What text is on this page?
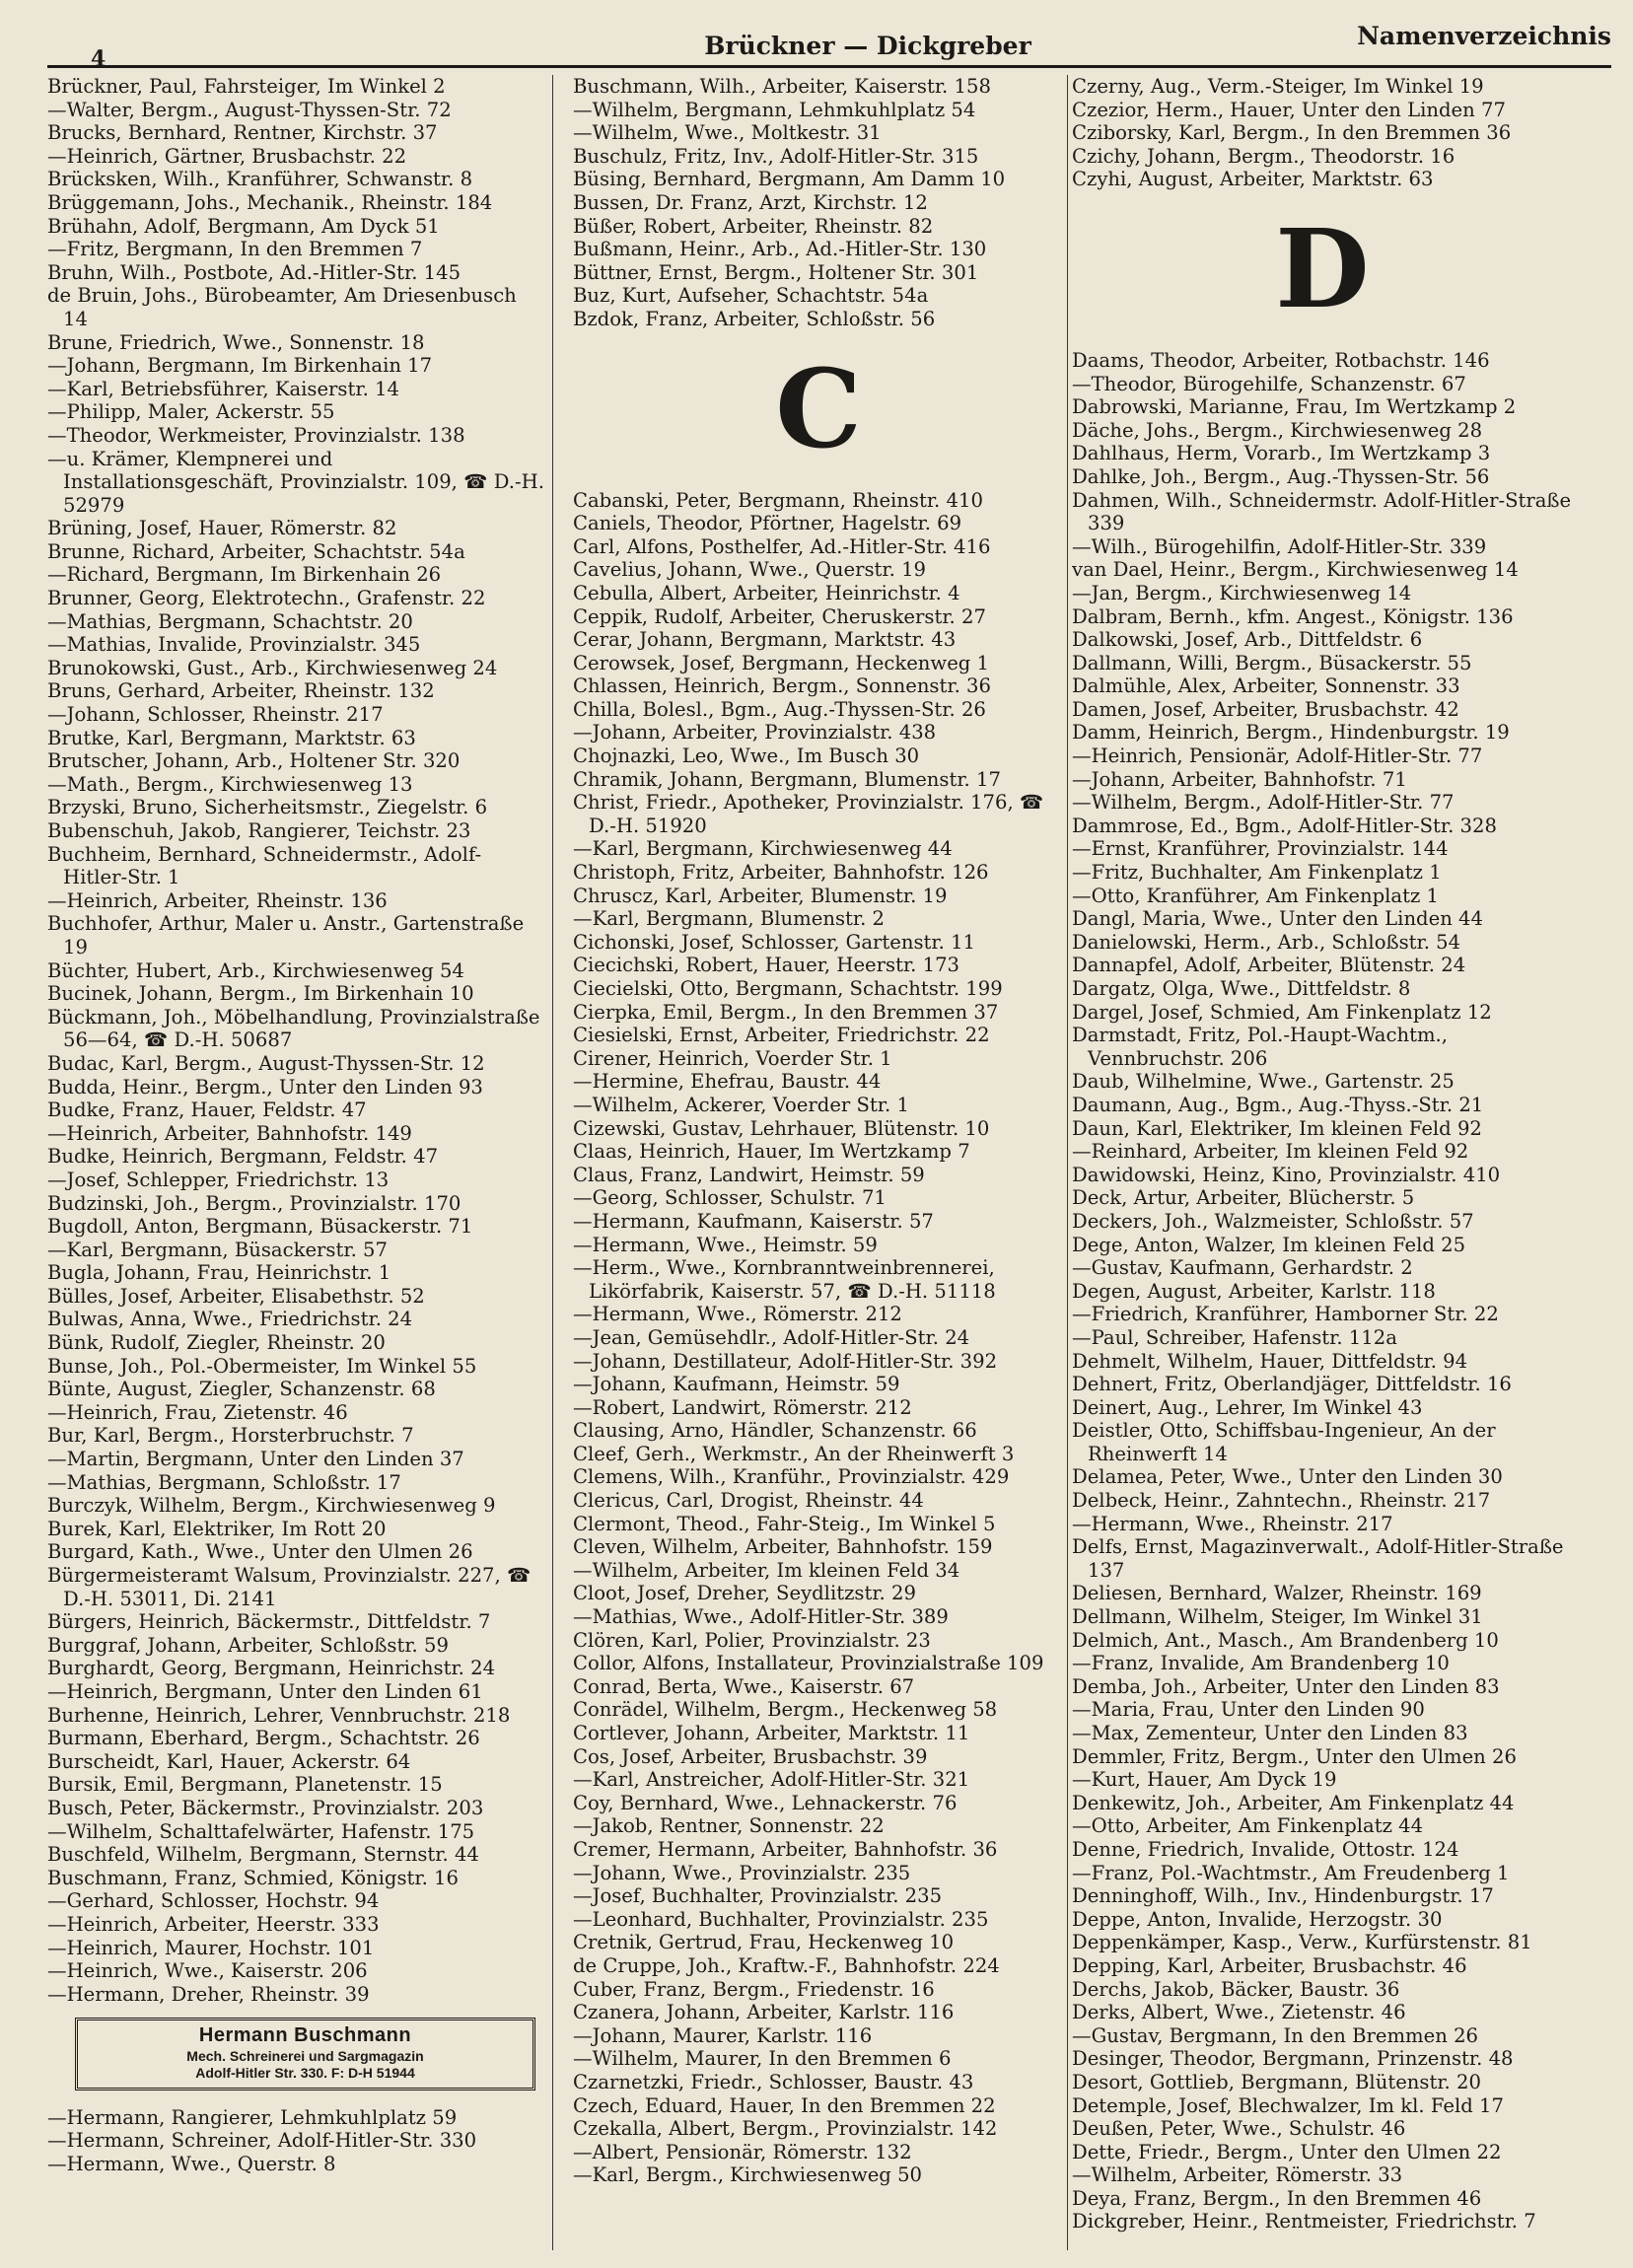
4	Brückner — Dickgreber	Namenverzeichnis

Brückner, Paul, Fahrsteiger, Im Winkel 2

—Walter, Bergm., August-Thyssen-Str. 72

Brucks, Bernhard, Rentner, Kirchstr. 37

—Heinrich, Gärtner, Brusbachstr. 22

Brücksken, Wilh., Kranführer, Schwanstr. 8

Brüggemann, Johs., Mechanik., Rheinstr. 184

Brühahn, Adolf, Bergmann, Am Dyck 51

—Fritz, Bergmann, In den Bremmen 7

Bruhn, Wilh., Postbote, Ad.-Hitler-Str. 145

de Bruin, Johs., Bürobeamter, Am Driesenbusch 14

Brune, Friedrich, Wwe., Sonnenstr. 18

—Johann, Bergmann, Im Birkenhain 17

—Karl, Betriebsführer, Kaiserstr. 14

—Philipp, Maler, Ackerstr. 55

—Theodor, Werkmeister, Provinzialstr. 138

—u. Krämer, Klempnerei und Installationsgeschäft, Provinzialstr. 109, ☎ D.-H. 52979

Brüning, Josef, Hauer, Römerstr. 82

Brunne, Richard, Arbeiter, Schachtstr. 54a

—Richard, Bergmann, Im Birkenhain 26

Brunner, Georg, Elektrotechn., Grafenstr. 22

—Mathias, Bergmann, Schachtstr. 20

—Mathias, Invalide, Provinzialstr. 345

Brunokowski, Gust., Arb., Kirchwiesenweg 24

Bruns, Gerhard, Arbeiter, Rheinstr. 132

—Johann, Schlosser, Rheinstr. 217

Brutke, Karl, Bergmann, Marktstr. 63

Brutscher, Johann, Arb., Holtener Str. 320

—Math., Bergm., Kirchwiesenweg 13

Brzyski, Bruno, Sicherheitsmstr., Ziegelstr. 6

Bubenschuh, Jakob, Rangierer, Teichstr. 23

Buchheim, Bernhard, Schneidermstr., Adolf-Hitler-Str. 1

—Heinrich, Arbeiter, Rheinstr. 136

Buchhofer, Arthur, Maler u. Anstr., Gartenstraße 19

Büchter, Hubert, Arb., Kirchwiesenweg 54

Bucinek, Johann, Bergm., Im Birkenhain 10

Bückmann, Joh., Möbelhandlung, Provinzialstraße 56—64, ☎ D.-H. 50687

Budac, Karl, Bergm., August-Thyssen-Str. 12

Budda, Heinr., Bergm., Unter den Linden 93

Budke, Franz, Hauer, Feldstr. 47

—Heinrich, Arbeiter, Bahnhofstr. 149

Budke, Heinrich, Bergmann, Feldstr. 47

—Josef, Schlepper, Friedrichstr. 13

Budzinski, Joh., Bergm., Provinzialstr. 170

Bugdoll, Anton, Bergmann, Büsackerstr. 71

—Karl, Bergmann, Büsackerstr. 57

Bugla, Johann, Frau, Heinrichstr. 1

Bülles, Josef, Arbeiter, Elisabethstr. 52

Bulwas, Anna, Wwe., Friedrichstr. 24

Bünk, Rudolf, Ziegler, Rheinstr. 20

Bunse, Joh., Pol.-Obermeister, Im Winkel 55

Bünte, August, Ziegler, Schanzenstr. 68

—Heinrich, Frau, Zietenstr. 46

Bur, Karl, Bergm., Horsterbruchstr. 7

—Martin, Bergmann, Unter den Linden 37

—Mathias, Bergmann, Schloßstr. 17

Burczyk, Wilhelm, Bergm., Kirchwiesenweg 9

Burek, Karl, Elektriker, Im Rott 20

Burgard, Kath., Wwe., Unter den Ulmen 26

Bürgermeisteramt Walsum, Provinzialstr. 227, ☎ D.-H. 53011, Di. 2141

Bürgers, Heinrich, Bäckermstr., Dittfeldstr. 7

Burggraf, Johann, Arbeiter, Schloßstr. 59

Burghardt, Georg, Bergmann, Heinrichstr. 24

—Heinrich, Bergmann, Unter den Linden 61

Burhenne, Heinrich, Lehrer, Vennbruchstr. 218

Burmann, Eberhard, Bergm., Schachtstr. 26

Burscheidt, Karl, Hauer, Ackerstr. 64

Bursik, Emil, Bergmann, Planetenstr. 15

Busch, Peter, Bäckermstr., Provinzialstr. 203

—Wilhelm, Schalttafelwärter, Hafenstr. 175

Buschfeld, Wilhelm, Bergmann, Sternstr. 44

Buschmann, Franz, Schmied, Königstr. 16

—Gerhard, Schlosser, Hochstr. 94

—Heinrich, Arbeiter, Heerstr. 333

—Heinrich, Maurer, Hochstr. 101

—Heinrich, Wwe., Kaiserstr. 206

—Hermann, Dreher, Rheinstr. 39

Hermann Buschmann
Mech. Schreinerei und Sargmagazin
Adolf-Hitler Str. 330. F: D-H 51944

—Hermann, Rangierer, Lehmkuhlplatz 59

—Hermann, Schreiner, Adolf-Hitler-Str. 330

—Hermann, Wwe., Querstr. 8

Buschmann, Wilh., Arbeiter, Kaiserstr. 158

—Wilhelm, Bergmann, Lehmkuhlplatz 54

—Wilhelm, Wwe., Moltkestr. 31

Buschulz, Fritz, Inv., Adolf-Hitler-Str. 315

Büsing, Bernhard, Bergmann, Am Damm 10

Bussen, Dr. Franz, Arzt, Kirchstr. 12

Büßer, Robert, Arbeiter, Rheinstr. 82

Bußmann, Heinr., Arb., Ad.-Hitler-Str. 130

Büttner, Ernst, Bergm., Holtener Str. 301

Buz, Kurt, Aufseher, Schachtstr. 54a

Bzdok, Franz, Arbeiter, Schloßstr. 56

C

Cabanski, Peter, Bergmann, Rheinstr. 410

Caniels, Theodor, Pförtner, Hagelstr. 69

Carl, Alfons, Posthelfer, Ad.-Hitler-Str. 416

Cavelius, Johann, Wwe., Querstr. 19

Cebulla, Albert, Arbeiter, Heinrichstr. 4

Ceppik, Rudolf, Arbeiter, Cheruskerstr. 27

Cerar, Johann, Bergmann, Marktstr. 43

Cerowsek, Josef, Bergmann, Heckenweg 1

Chlassen, Heinrich, Bergm., Sonnenstr. 36

Chilla, Bolesl., Bgm., Aug.-Thyssen-Str. 26

—Johann, Arbeiter, Provinzialstr. 438

Chojnazki, Leo, Wwe., Im Busch 30

Chramik, Johann, Bergmann, Blumenstr. 17

Christ, Friedr., Apotheker, Provinzialstr. 176, ☎ D.-H. 51920

—Karl, Bergmann, Kirchwiesenweg 44

Christoph, Fritz, Arbeiter, Bahnhofstr. 126

Chruscz, Karl, Arbeiter, Blumenstr. 19

—Karl, Bergmann, Blumenstr. 2

Cichonski, Josef, Schlosser, Gartenstr. 11

Ciecichski, Robert, Hauer, Heerstr. 173

Ciecielski, Otto, Bergmann, Schachtstr. 199

Cierpka, Emil, Bergm., In den Bremmen 37

Ciesielski, Ernst, Arbeiter, Friedrichstr. 22

Cirener, Heinrich, Voerder Str. 1

—Hermine, Ehefrau, Baustr. 44

—Wilhelm, Ackerer, Voerder Str. 1

Cizewski, Gustav, Lehrhauer, Blütenstr. 10

Claas, Heinrich, Hauer, Im Wertzkamp 7

Claus, Franz, Landwirt, Heimstr. 59

—Georg, Schlosser, Schulstr. 71

—Hermann, Kaufmann, Kaiserstr. 57

—Hermann, Wwe., Heimstr. 59

—Herm., Wwe., Kornbranntweinbrennerei, Likörfabrik, Kaiserstr. 57, ☎ D.-H. 51118

—Hermann, Wwe., Römerstr. 212

—Jean, Gemüsehdlr., Adolf-Hitler-Str. 24

—Johann, Destillateur, Adolf-Hitler-Str. 392

—Johann, Kaufmann, Heimstr. 59

—Robert, Landwirt, Römerstr. 212

Clausing, Arno, Händler, Schanzenstr. 66

Cleef, Gerh., Werkmstr., An der Rheinwerft 3

Clemens, Wilh., Kranführ., Provinzialstr. 429

Clericus, Carl, Drogist, Rheinstr. 44

Clermont, Theod., Fahr-Steig., Im Winkel 5

Cleven, Wilhelm, Arbeiter, Bahnhofstr. 159

—Wilhelm, Arbeiter, Im kleinen Feld 34

Cloot, Josef, Dreher, Seydlitzstr. 29

—Mathias, Wwe., Adolf-Hitler-Str. 389

Clören, Karl, Polier, Provinzialstr. 23

Collor, Alfons, Installateur, Provinzialstraße 109

Conrad, Berta, Wwe., Kaiserstr. 67

Conrädel, Wilhelm, Bergm., Heckenweg 58

Cortlever, Johann, Arbeiter, Marktstr. 11

Cos, Josef, Arbeiter, Brusbachstr. 39

—Karl, Anstreicher, Adolf-Hitler-Str. 321

Coy, Bernhard, Wwe., Lehnackerstr. 76

—Jakob, Rentner, Sonnenstr. 22

Cremer, Hermann, Arbeiter, Bahnhofstr. 36

—Johann, Wwe., Provinzialstr. 235

—Josef, Buchhalter, Provinzialstr. 235

—Leonhard, Buchhalter, Provinzialstr. 235

Cretnik, Gertrud, Frau, Heckenweg 10

de Cruppe, Joh., Kraftw.-F., Bahnhofstr. 224

Cuber, Franz, Bergm., Friedenstr. 16

Czanera, Johann, Arbeiter, Karlstr. 116

—Johann, Maurer, Karlstr. 116

—Wilhelm, Maurer, In den Bremmen 6

Czarnetzki, Friedr., Schlosser, Baustr. 43

Czech, Eduard, Hauer, In den Bremmen 22

Czekalla, Albert, Bergm., Provinzialstr. 142

—Albert, Pensionär, Römerstr. 132

—Karl, Bergm., Kirchwiesenweg 50

Czerny, Aug., Verm.-Steiger, Im Winkel 19

Czezior, Herm., Hauer, Unter den Linden 77

Cziborsky, Karl, Bergm., In den Bremmen 36

Czichy, Johann, Bergm., Theodorstr. 16

Czyhi, August, Arbeiter, Marktstr. 63

D

Daams, Theodor, Arbeiter, Rotbachstr. 146

—Theodor, Bürogehilfe, Schanzenstr. 67

Dabrowski, Marianne, Frau, Im Wertzkamp 2

Däche, Johs., Bergm., Kirchwiesenweg 28

Dahlhaus, Herm, Vorarb., Im Wertzkamp 3

Dahlke, Joh., Bergm., Aug.-Thyssen-Str. 56

Dahmen, Wilh., Schneidermstr. Adolf-Hitler-Straße 339

—Wilh., Bürogehilfin, Adolf-Hitler-Str. 339

van Dael, Heinr., Bergm., Kirchwiesenweg 14

—Jan, Bergm., Kirchwiesenweg 14

Dalbram, Bernh., kfm. Angest., Königstr. 136

Dalkowski, Josef, Arb., Dittfeldstr. 6

Dallmann, Willi, Bergm., Büsackerstr. 55

Dalmühle, Alex, Arbeiter, Sonnenstr. 33

Damen, Josef, Arbeiter, Brusbachstr. 42

Damm, Heinrich, Bergm., Hindenburgstr. 19

—Heinrich, Pensionär, Adolf-Hitler-Str. 77

—Johann, Arbeiter, Bahnhofstr. 71

—Wilhelm, Bergm., Adolf-Hitler-Str. 77

Dammrose, Ed., Bgm., Adolf-Hitler-Str. 328

—Ernst, Kranführer, Provinzialstr. 144

—Fritz, Buchhalter, Am Finkenplatz 1

—Otto, Kranführer, Am Finkenplatz 1

Dangl, Maria, Wwe., Unter den Linden 44

Danielowski, Herm., Arb., Schloßstr. 54

Dannapfel, Adolf, Arbeiter, Blütenstr. 24

Dargatz, Olga, Wwe., Dittfeldstr. 8

Dargel, Josef, Schmied, Am Finkenplatz 12

Darmstadt, Fritz, Pol.-Haupt-Wachtm., Vennbruchstr. 206

Daub, Wilhelmine, Wwe., Gartenstr. 25

Daumann, Aug., Bgm., Aug.-Thyss.-Str. 21

Daun, Karl, Elektriker, Im kleinen Feld 92

—Reinhard, Arbeiter, Im kleinen Feld 92

Dawidowski, Heinz, Kino, Provinzialstr. 410

Deck, Artur, Arbeiter, Blücherstr. 5

Deckers, Joh., Walzmeister, Schloßstr. 57

Dege, Anton, Walzer, Im kleinen Feld 25

—Gustav, Kaufmann, Gerhardstr. 2

Degen, August, Arbeiter, Karlstr. 118

—Friedrich, Kranführer, Hamborner Str. 22

—Paul, Schreiber, Hafenstr. 112a

Dehmelt, Wilhelm, Hauer, Dittfeldstr. 94

Dehnert, Fritz, Oberlandjäger, Dittfeldstr. 16

Deinert, Aug., Lehrer, Im Winkel 43

Deistler, Otto, Schiffsbau-Ingenieur, An der Rheinwerft 14

Delamea, Peter, Wwe., Unter den Linden 30

Delbeck, Heinr., Zahntechn., Rheinstr. 217

—Hermann, Wwe., Rheinstr. 217

Delfs, Ernst, Magazinverwalt., Adolf-Hitler-Straße 137

Deliesen, Bernhard, Walzer, Rheinstr. 169

Dellmann, Wilhelm, Steiger, Im Winkel 31

Delmich, Ant., Masch., Am Brandenberg 10

—Franz, Invalide, Am Brandenberg 10

Demba, Joh., Arbeiter, Unter den Linden 83

—Maria, Frau, Unter den Linden 90

—Max, Zementeur, Unter den Linden 83

Demmler, Fritz, Bergm., Unter den Ulmen 26

—Kurt, Hauer, Am Dyck 19

Denkewitz, Joh., Arbeiter, Am Finkenplatz 44

—Otto, Arbeiter, Am Finkenplatz 44

Denne, Friedrich, Invalide, Ottostr. 124

—Franz, Pol.-Wachtmstr., Am Freudenberg 1

Denninghoff, Wilh., Inv., Hindenburgstr. 17

Deppe, Anton, Invalide, Herzogstr. 30

Deppenkämper, Kasp., Verw., Kurfürstenstr. 81

Depping, Karl, Arbeiter, Brusbachstr. 46

Derchs, Jakob, Bäcker, Baustr. 36

Derks, Albert, Wwe., Zietenstr. 46

—Gustav, Bergmann, In den Bremmen 26

Desinger, Theodor, Bergmann, Prinzenstr. 48

Desort, Gottlieb, Bergmann, Blütenstr. 20

Detemple, Josef, Blechwalzer, Im kl. Feld 17

Deußen, Peter, Wwe., Schulstr. 46

Dette, Friedr., Bergm., Unter den Ulmen 22

—Wilhelm, Arbeiter, Römerstr. 33

Deya, Franz, Bergm., In den Bremmen 46

Dickgreber, Heinr., Rentmeister, Friedrichstr. 7
